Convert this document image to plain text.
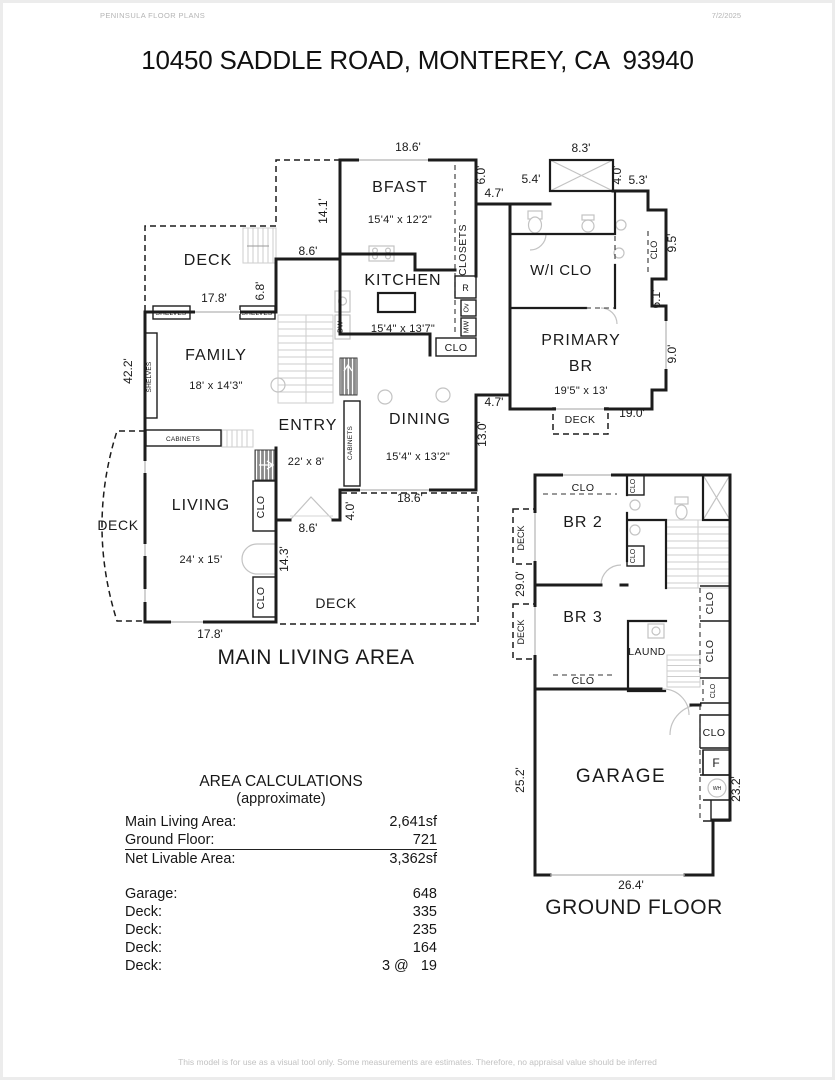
18.6'
BFAST
15'4" x 12'2"
CLOSETS
6.0'
4.7'
5.4'
8.3'
4.0' 5.3'
CLO 9.5'
6.1'
9.0'
W/I CLO
PRIMARY
BR
19'5" x 13'
DECK 19.0'
4.7'
14.1'
8.6'
KITCHEN
15'4" x 13'7"
R
Ov
MW
CLO
DW
DECK
17.8' 6.8'
SHELVES	SHELVES
42.2' SHELVES
FAMILY
18' x 14'3"
CABINETS
ENTRY
22' x 8'
CABINETS
DINING
15'4" x 13'2"
13.0'
18.6'
4.0'
8.6'
LIVING
24' x 15'
CLO
14.3'
CLO
DECK
DECK
17.8'
MAIN LIVING AREA
CLO	CLO
BR 2
DECK
29.0'
DECK
BR 3
CLO
LAUND
CLO
CLO
CLO
CLO
CLO
F
WH 23.2'
25.2'	GARAGE
26.4'
GROUND FLOOR
PENINSULA FLOOR PLANS	7/2/2025
10450 SADDLE ROAD, MONTEREY, CA  93940
AREA CALCULATIONS
(approximate)
Main Living Area:	2,641sf
Ground Floor:	721
Net Livable Area:	3,362sf
Garage:	648
Deck:	335
Deck:	235
Deck:	164
Deck:	3 @   19
This model is for use as a visual tool only. Some measurements are estimates. Therefore, no appraisal value should be inferred
